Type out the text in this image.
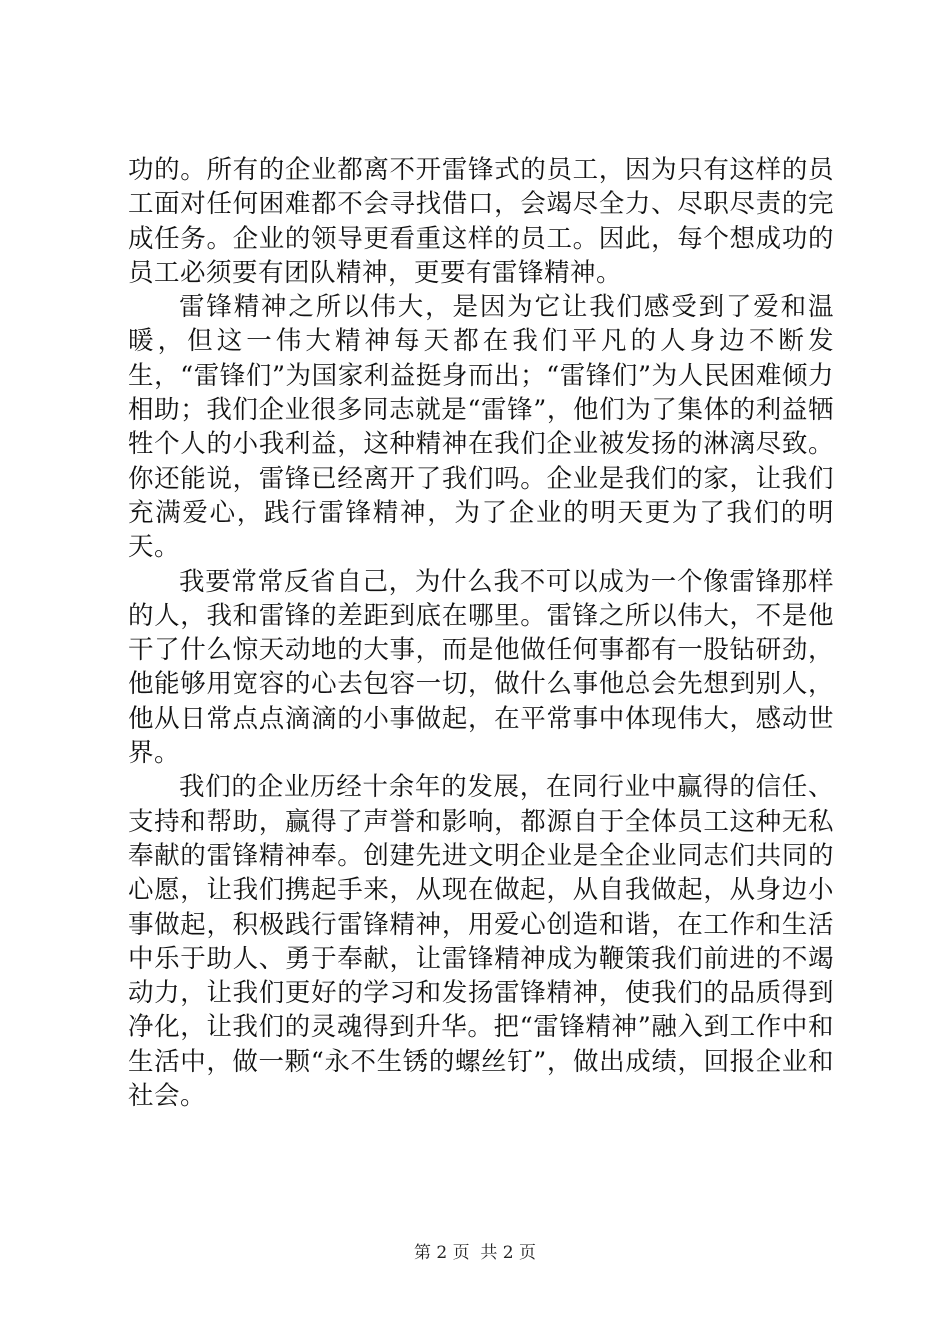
功的。所有的企业都离不开雷锋式的员工，因为只有这样的员工面对任何困难都不会寻找借口，会竭尽全力、尽职尽责的完成任务。企业的领导更看重这样的员工。因此，每个想成功的员工必须要有团队精神，更要有雷锋精神。

雷锋精神之所以伟大，是因为它让我们感受到了爱和温暖，但这一伟大精神每天都在我们平凡的人身边不断发生，“雷锋们”为国家利益挺身而出；“雷锋们”为人民困难倾力相助；我们企业很多同志就是“雷锋”，他们为了集体的利益牺牲个人的小我利益，这种精神在我们企业被发扬的淋漓尽致。你还能说，雷锋已经离开了我们吗。企业是我们的家，让我们充满爱心，践行雷锋精神，为了企业的明天更为了我们的明天。

我要常常反省自己，为什么我不可以成为一个像雷锋那样的人，我和雷锋的差距到底在哪里。雷锋之所以伟大，不是他干了什么惊天动地的大事，而是他做任何事都有一股钻研劲，他能够用宽容的心去包容一切，做什么事他总会先想到别人，他从日常点点滴滴的小事做起，在平常事中体现伟大，感动世界。

我们的企业历经十余年的发展，在同行业中赢得的信任、支持和帮助，赢得了声誉和影响，都源自于全体员工这种无私奉献的雷锋精神奉。创建先进文明企业是全企业同志们共同的心愿，让我们携起手来，从现在做起，从自我做起，从身边小事做起，积极践行雷锋精神，用爱心创造和谐，在工作和生活中乐于助人、勇于奉献，让雷锋精神成为鞭策我们前进的不竭动力，让我们更好的学习和发扬雷锋精神，使我们的品质得到净化，让我们的灵魂得到升华。把“雷锋精神”融入到工作中和生活中，做一颗“永不生锈的螺丝钉”，做出成绩，回报企业和社会。

第 2 页  共 2 页
